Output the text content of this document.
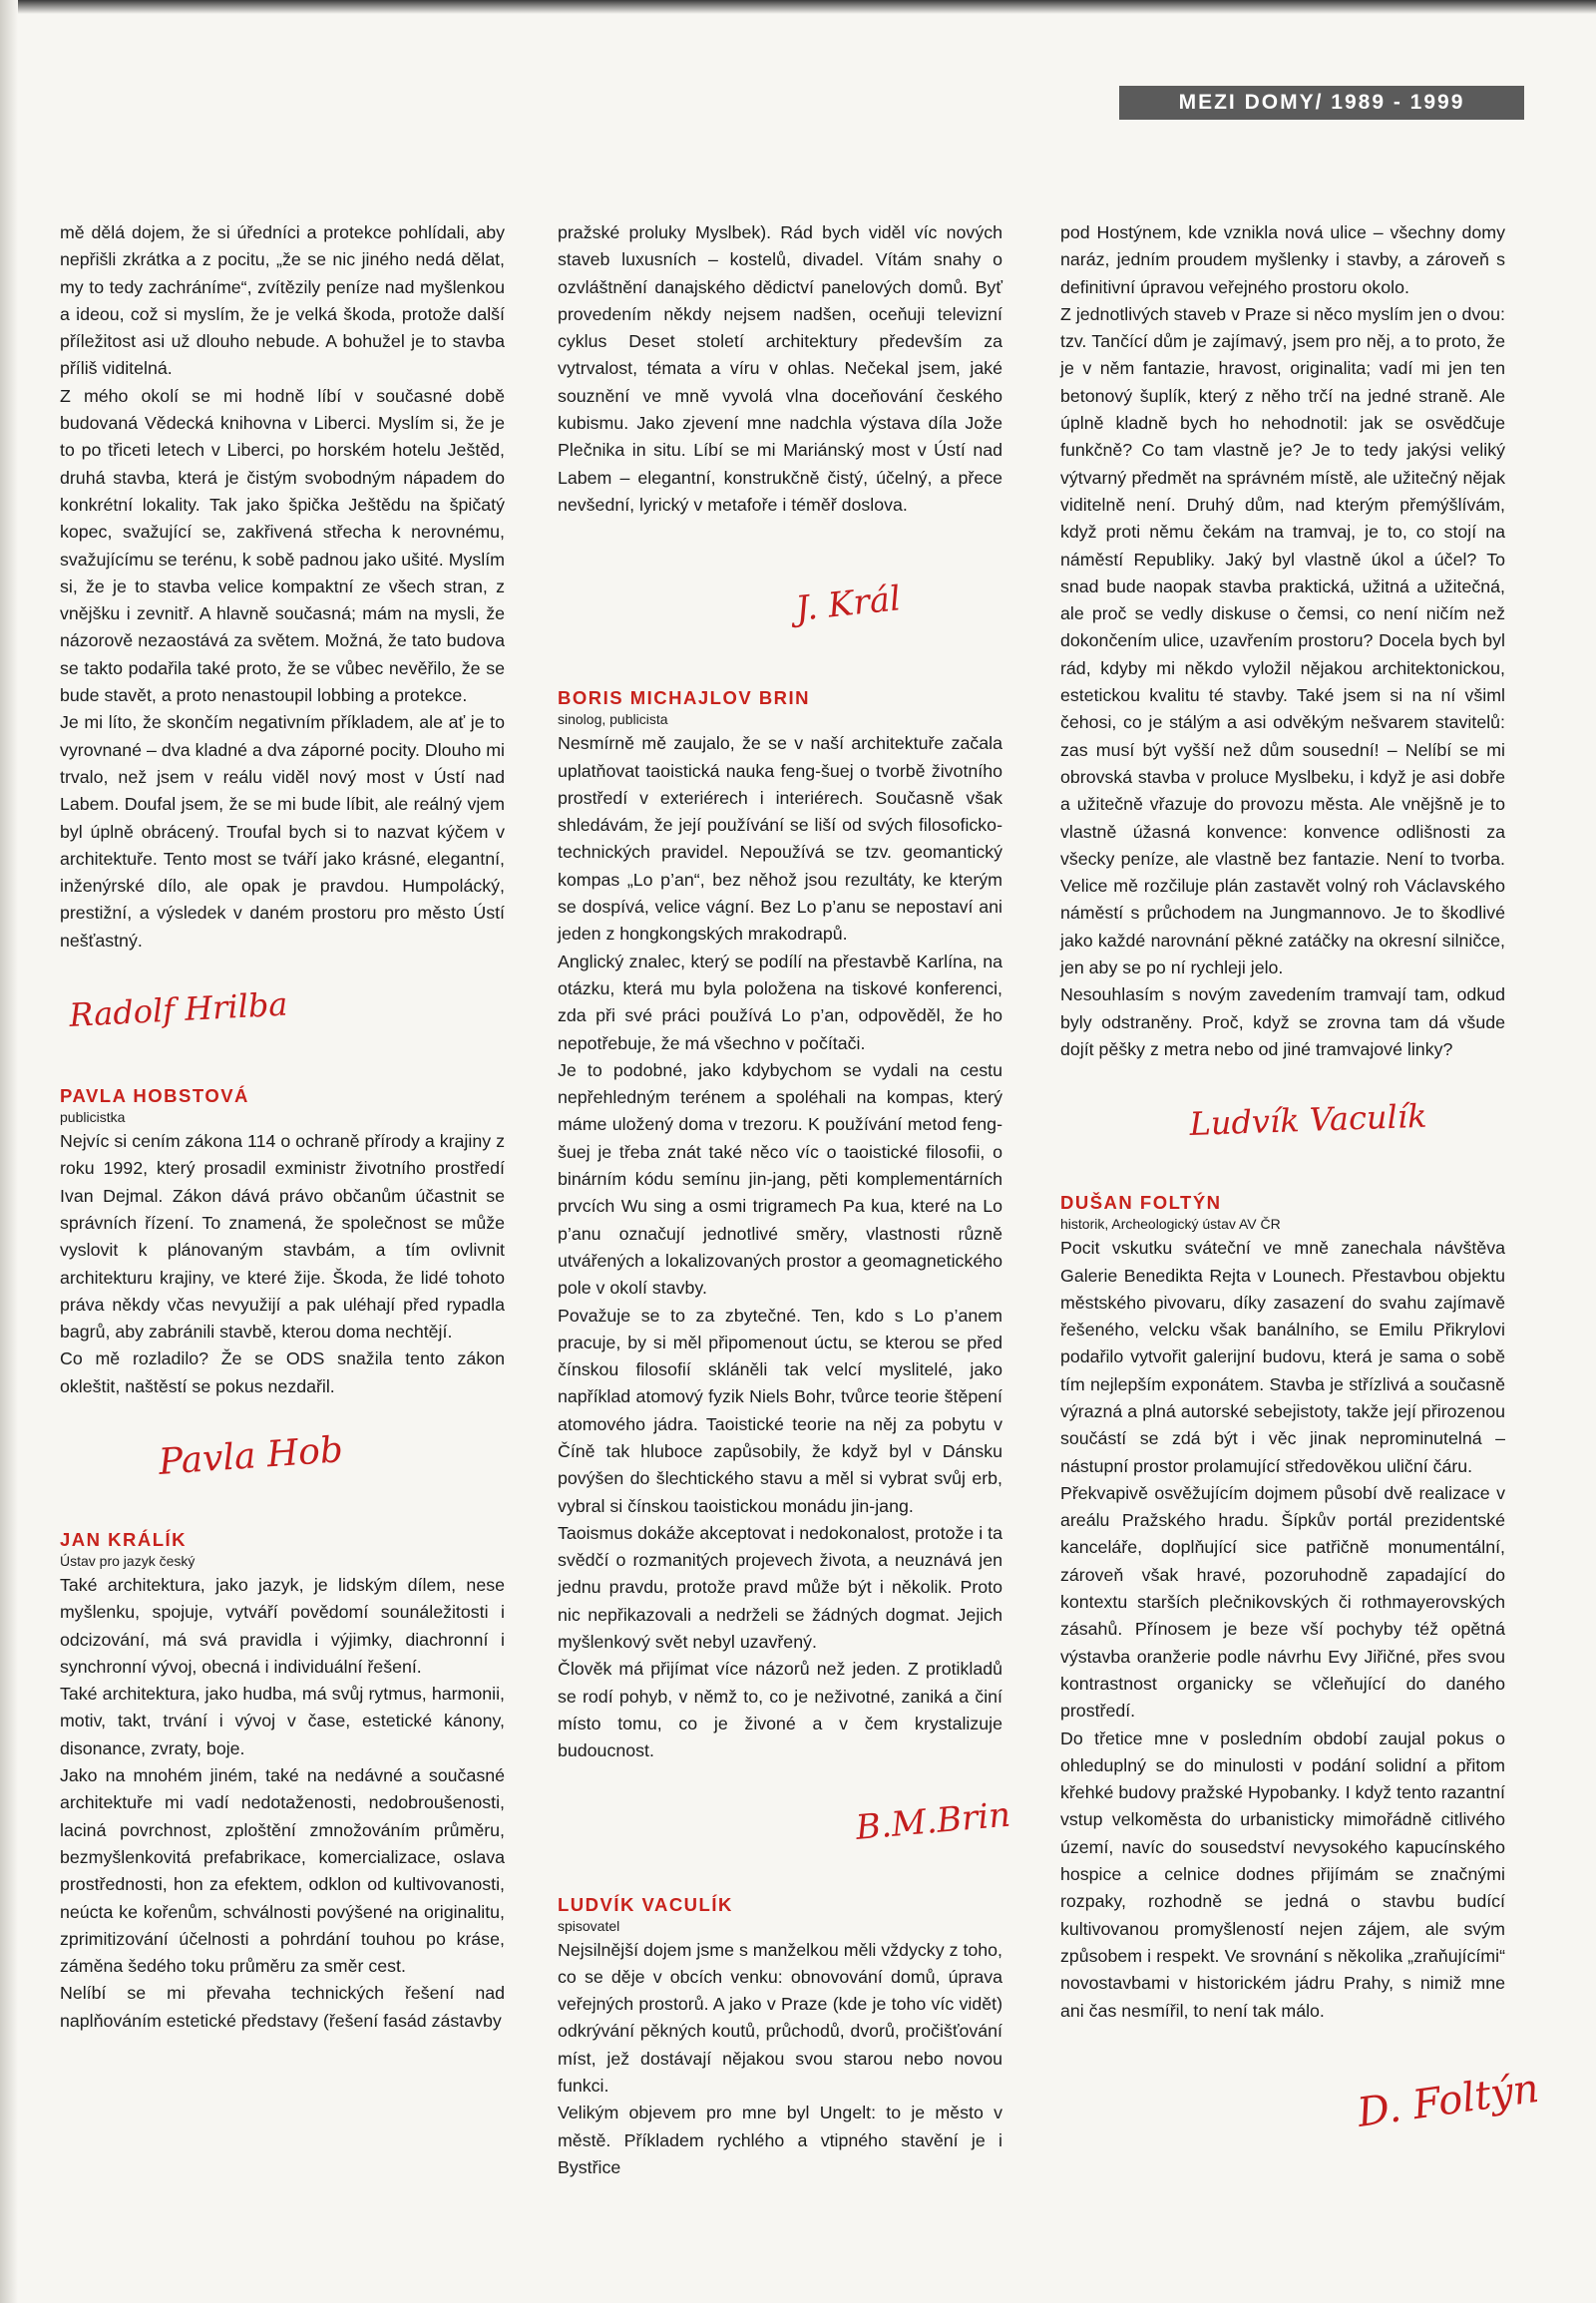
MEZI DOMY/ 1989 - 1999

mě dělá dojem, že si úředníci a protekce pohlídali, aby nepřišli zkrátka a z pocitu, „že se nic jiného nedá dělat, my to tedy zachráníme“, zvítězily peníze nad myšlenkou a ideou, což si myslím, že je velká škoda, protože další příležitost asi už dlouho nebude. A bohužel je to stavba příliš viditelná.

Z mého okolí se mi hodně líbí v současné době budovaná Vědecká knihovna v Liberci. Myslím si, že je to po třiceti letech v Liberci, po horském hotelu Ještěd, druhá stavba, která je čistým svobodným nápadem do konkrétní lokality. Tak jako špička Ještědu na špičatý kopec, svažující se, zakřivená střecha k nerovnému, svažujícímu se terénu, k sobě padnou jako ušité. Myslím si, že je to stavba velice kompaktní ze všech stran, z vnějšku i zevnitř. A hlavně současná; mám na mysli, že názorově nezaostává za světem. Možná, že tato budova se takto podařila také proto, že se vůbec nevěřilo, že se bude stavět, a proto nenastoupil lobbing a protekce.

Je mi líto, že skončím negativním příkladem, ale ať je to vyrovnané – dva kladné a dva záporné pocity. Dlouho mi trvalo, než jsem v reálu viděl nový most v Ústí nad Labem. Doufal jsem, že se mi bude líbit, ale reálný vjem byl úplně obrácený. Troufal bych si to nazvat kýčem v architektuře. Tento most se tváří jako krásné, elegantní, inženýrské dílo, ale opak je pravdou. Humpolácký, prestižní, a výsledek v daném prostoru pro město Ústí nešťastný.

Radolf Hrilba
PAVLA HOBSTOVÁ
publicistka

Nejvíc si cením zákona 114 o ochraně přírody a krajiny z roku 1992, který prosadil exministr životního prostředí Ivan Dejmal. Zákon dává právo občanům účastnit se správních řízení. To znamená, že společnost se může vyslovit k plánovaným stavbám, a tím ovlivnit architekturu krajiny, ve které žije. Škoda, že lidé tohoto práva někdy včas nevyužijí a pak uléhají před rypadla bagrů, aby zabránili stavbě, kterou doma nechtějí.

Co mě rozladilo? Že se ODS snažila tento zákon okleštit, naštěstí se pokus nezdařil.

Pavla Hob
JAN KRÁLÍK
Ústav pro jazyk český

Také architektura, jako jazyk, je lidským dílem, nese myšlenku, spojuje, vytváří povědomí sounáležitosti i odcizování, má svá pravidla i výjimky, diachronní i synchronní vývoj, obecná i individuální řešení.

Také architektura, jako hudba, má svůj rytmus, harmonii, motiv, takt, trvání i vývoj v čase, estetické kánony, disonance, zvraty, boje.

Jako na mnohém jiném, také na nedávné a současné architektuře mi vadí nedotaženosti, nedobroušenosti, laciná povrchnost, zploštění zmnožováním průměru, bezmyšlenkovitá prefabrikace, komercializace, oslava prostřednosti, hon za efektem, odklon od kultivovanosti, neúcta ke kořenům, schválnosti povýšené na originalitu, zprimitizování účelnosti a pohrdání touhou po kráse, záměna šedého toku průměru za směr cest.

Nelíbí se mi převaha technických řešení nad naplňováním estetické představy (řešení fasád zástavby

pražské proluky Myslbek). Rád bych viděl víc nových staveb luxusních – kostelů, divadel. Vítám snahy o ozvláštnění danajského dědictví panelových domů. Byť provedením někdy nejsem nadšen, oceňuji televizní cyklus Deset století architektury především za vytrvalost, témata a víru v ohlas. Nečekal jsem, jaké souznění ve mně vyvolá vlna doceňování českého kubismu. Jako zjevení mne nadchla výstava díla Jože Plečnika in situ. Líbí se mi Mariánský most v Ústí nad Labem – elegantní, konstrukčně čistý, účelný, a přece nevšední, lyrický v metafoře i téměř doslova.

J. Král
BORIS MICHAJLOV BRIN
sinolog, publicista

Nesmírně mě zaujalo, že se v naší architektuře začala uplatňovat taoistická nauka feng-šuej o tvorbě životního prostředí v exteriérech i interiérech. Současně však shledávám, že její používání se liší od svých filosoficko-technických pravidel. Nepoužívá se tzv. geomantický kompas „Lo p’an“, bez něhož jsou rezultáty, ke kterým se dospívá, velice vágní. Bez Lo p’anu se nepostaví ani jeden z hongkongských mrakodrapů.

Anglický znalec, který se podílí na přestavbě Karlína, na otázku, která mu byla položena na tiskové konferenci, zda při své práci používá Lo p’an, odpověděl, že ho nepotřebuje, že má všechno v počítači.

Je to podobné, jako kdybychom se vydali na cestu nepřehledným terénem a spoléhali na kompas, který máme uložený doma v trezoru. K používání metod feng-šuej je třeba znát také něco víc o taoistické filosofii, o binárním kódu semínu jin-jang, pěti komplementárních prvcích Wu sing a osmi trigramech Pa kua, které na Lo p’anu označují jednotlivé směry, vlastnosti různě utvářených a lokalizovaných prostor a geomagnetického pole v okolí stavby.

Považuje se to za zbytečné. Ten, kdo s Lo p’anem pracuje, by si měl připomenout úctu, se kterou se před čínskou filosofií skláněli tak velcí myslitelé, jako například atomový fyzik Niels Bohr, tvůrce teorie štěpení atomového jádra. Taoistické teorie na něj za pobytu v Číně tak hluboce zapůsobily, že když byl v Dánsku povýšen do šlechtického stavu a měl si vybrat svůj erb, vybral si čínskou taoistickou monádu jin-jang.

Taoismus dokáže akceptovat i nedokonalost, protože i ta svědčí o rozmanitých projevech života, a neuznává jen jednu pravdu, protože pravd může být i několik. Proto nic nepřikazovali a nedrželi se žádných dogmat. Jejich myšlenkový svět nebyl uzavřený.

Člověk má přijímat více názorů než jeden. Z protikladů se rodí pohyb, v němž to, co je neživotné, zaniká a činí místo tomu, co je živoné a v čem krystalizuje budoucnost.

B.M.Brin
LUDVÍK VACULÍK
spisovatel

Nejsilnější dojem jsme s manželkou měli vždycky z toho, co se děje v obcích venku: obnovování domů, úprava veřejných prostorů. A jako v Praze (kde je toho víc vidět) odkrývání pěkných koutů, průchodů, dvorů, pročišťování míst, jež dostávají nějakou svou starou nebo novou funkci.

Velikým objevem pro mne byl Ungelt: to je město v městě. Příkladem rychlého a vtipného stavění je i Bystřice

pod Hostýnem, kde vznikla nová ulice – všechny domy naráz, jedním proudem myšlenky i stavby, a zároveň s definitivní úpravou veřejného prostoru okolo.

Z jednotlivých staveb v Praze si něco myslím jen o dvou: tzv. Tančící dům je zajímavý, jsem pro něj, a to proto, že je v něm fantazie, hravost, originalita; vadí mi jen ten betonový šuplík, který z něho trčí na jedné straně. Ale úplně kladně bych ho nehodnotil: jak se osvědčuje funkčně? Co tam vlastně je? Je to tedy jakýsi veliký výtvarný předmět na správném místě, ale užitečný nějak viditelně není. Druhý dům, nad kterým přemýšlívám, když proti němu čekám na tramvaj, je to, co stojí na náměstí Republiky. Jaký byl vlastně úkol a účel? To snad bude naopak stavba praktická, užitná a užitečná, ale proč se vedly diskuse o čemsi, co není ničím než dokončením ulice, uzavřením prostoru? Docela bych byl rád, kdyby mi někdo vyložil nějakou architektonickou, estetickou kvalitu té stavby. Také jsem si na ní všiml čehosi, co je stálým a asi odvěkým nešvarem stavitelů: zas musí být vyšší než dům sousední! – Nelíbí se mi obrovská stavba v proluce Myslbeku, i když je asi dobře a užitečně vřazuje do provozu města. Ale vnějšně je to vlastně úžasná konvence: konvence odlišnosti za všecky peníze, ale vlastně bez fantazie. Není to tvorba. Velice mě rozčiluje plán zastavět volný roh Václavského náměstí s průchodem na Jungmannovo. Je to škodlivé jako každé narovnání pěkné zatáčky na okresní silničce, jen aby se po ní rychleji jelo.

Nesouhlasím s novým zavedením tramvají tam, odkud byly odstraněny. Proč, když se zrovna tam dá všude dojít pěšky z metra nebo od jiné tramvajové linky?

Ludvík Vaculík
DUŠAN FOLTÝN
historik, Archeologický ústav AV ČR

Pocit vskutku sváteční ve mně zanechala návštěva Galerie Benedikta Rejta v Lounech. Přestavbou objektu městského pivovaru, díky zasazení do svahu zajímavě řešeného, velcku však banálního, se Emilu Přikrylovi podařilo vytvořit galerijní budovu, která je sama o sobě tím nejlepším exponátem. Stavba je střízlivá a současně výrazná a plná autorské sebejistoty, takže její přirozenou součástí se zdá být i věc jinak neprominutelná – nástupní prostor prolamující středověkou uliční čáru.

Překvapivě osvěžujícím dojmem působí dvě realizace v areálu Pražského hradu. Šípkův portál prezidentské kanceláře, doplňující sice patřičně monumentální, zároveň však hravé, pozoruhodně zapadající do kontextu starších plečnikovských či rothmayerovských zásahů. Přínosem je beze vší pochyby též opětná výstavba oranžerie podle návrhu Evy Jiřičné, přes svou kontrastnost organicky se včleňující do daného prostředí.

Do třetice mne v posledním období zaujal pokus o ohleduplný se do minulosti v podání solidní a přitom křehké budovy pražské Hypobanky. I když tento razantní vstup velkoměsta do urbanisticky mimořádně citlivého území, navíc do sousedství nevysokého kapucínského hospice a celnice dodnes přijímám se značnými rozpaky, rozhodně se jedná o stavbu budící kultivovanou promyšleností nejen zájem, ale svým způsobem i respekt. Ve srovnání s několika „zraňujícími“ novostavbami v historickém jádru Prahy, s nimiž mne ani čas nesmířil, to není tak málo.

D. Foltýn
